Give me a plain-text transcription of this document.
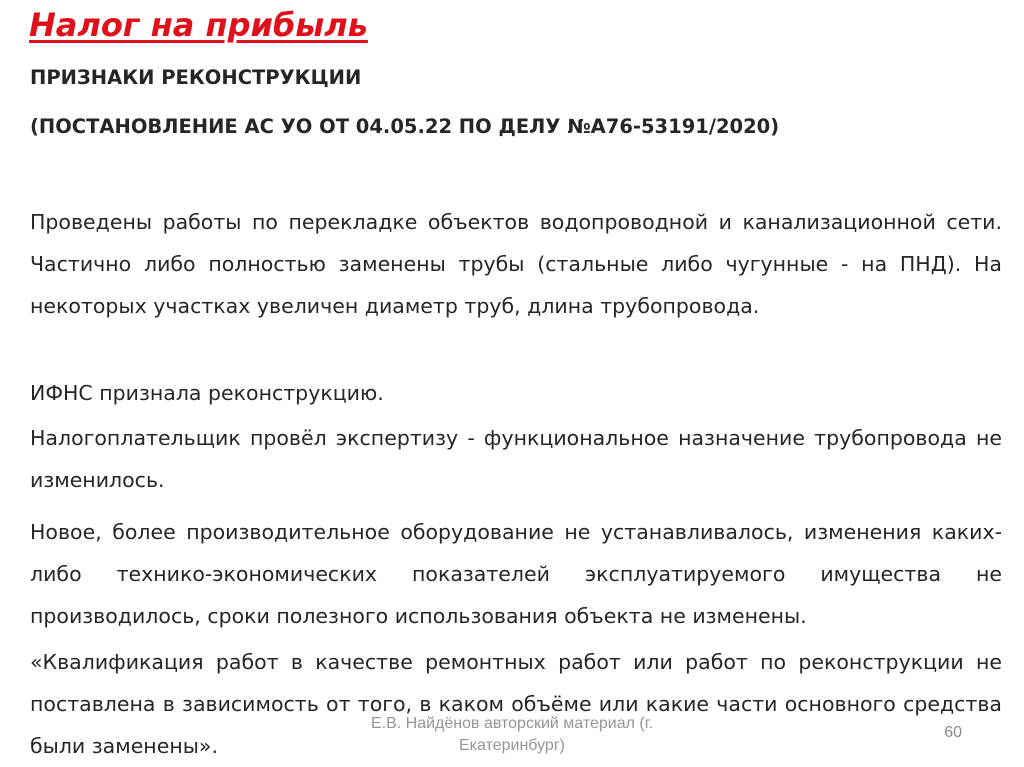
Налог на прибыль

ПРИЗНАКИ РЕКОНСТРУКЦИИ

(ПОСТАНОВЛЕНИЕ АС УО ОТ 04.05.22 ПО ДЕЛУ №А76-53191/2020)

Проведены работы по перекладке объектов водопроводной и канализационной сети. Частично либо полностью заменены трубы (стальные либо чугунные - на ПНД). На некоторых участках увеличен диаметр труб, длина трубопровода.

ИФНС признала реконструкцию.

Налогоплательщик провёл экспертизу - функциональное назначение трубопровода не изменилось.

Новое, более производительное оборудование не устанавливалось, изменения каких-либо технико-экономических показателей эксплуатируемого имущества не производилось, сроки полезного использования объекта не изменены.

«Квалификация работ в качестве ремонтных работ или работ по реконструкции не поставлена в зависимость от того, в каком объёме или какие части основного средства были заменены».

Е.В. Найдёнов авторский материал (г.
Екатеринбург)

60
